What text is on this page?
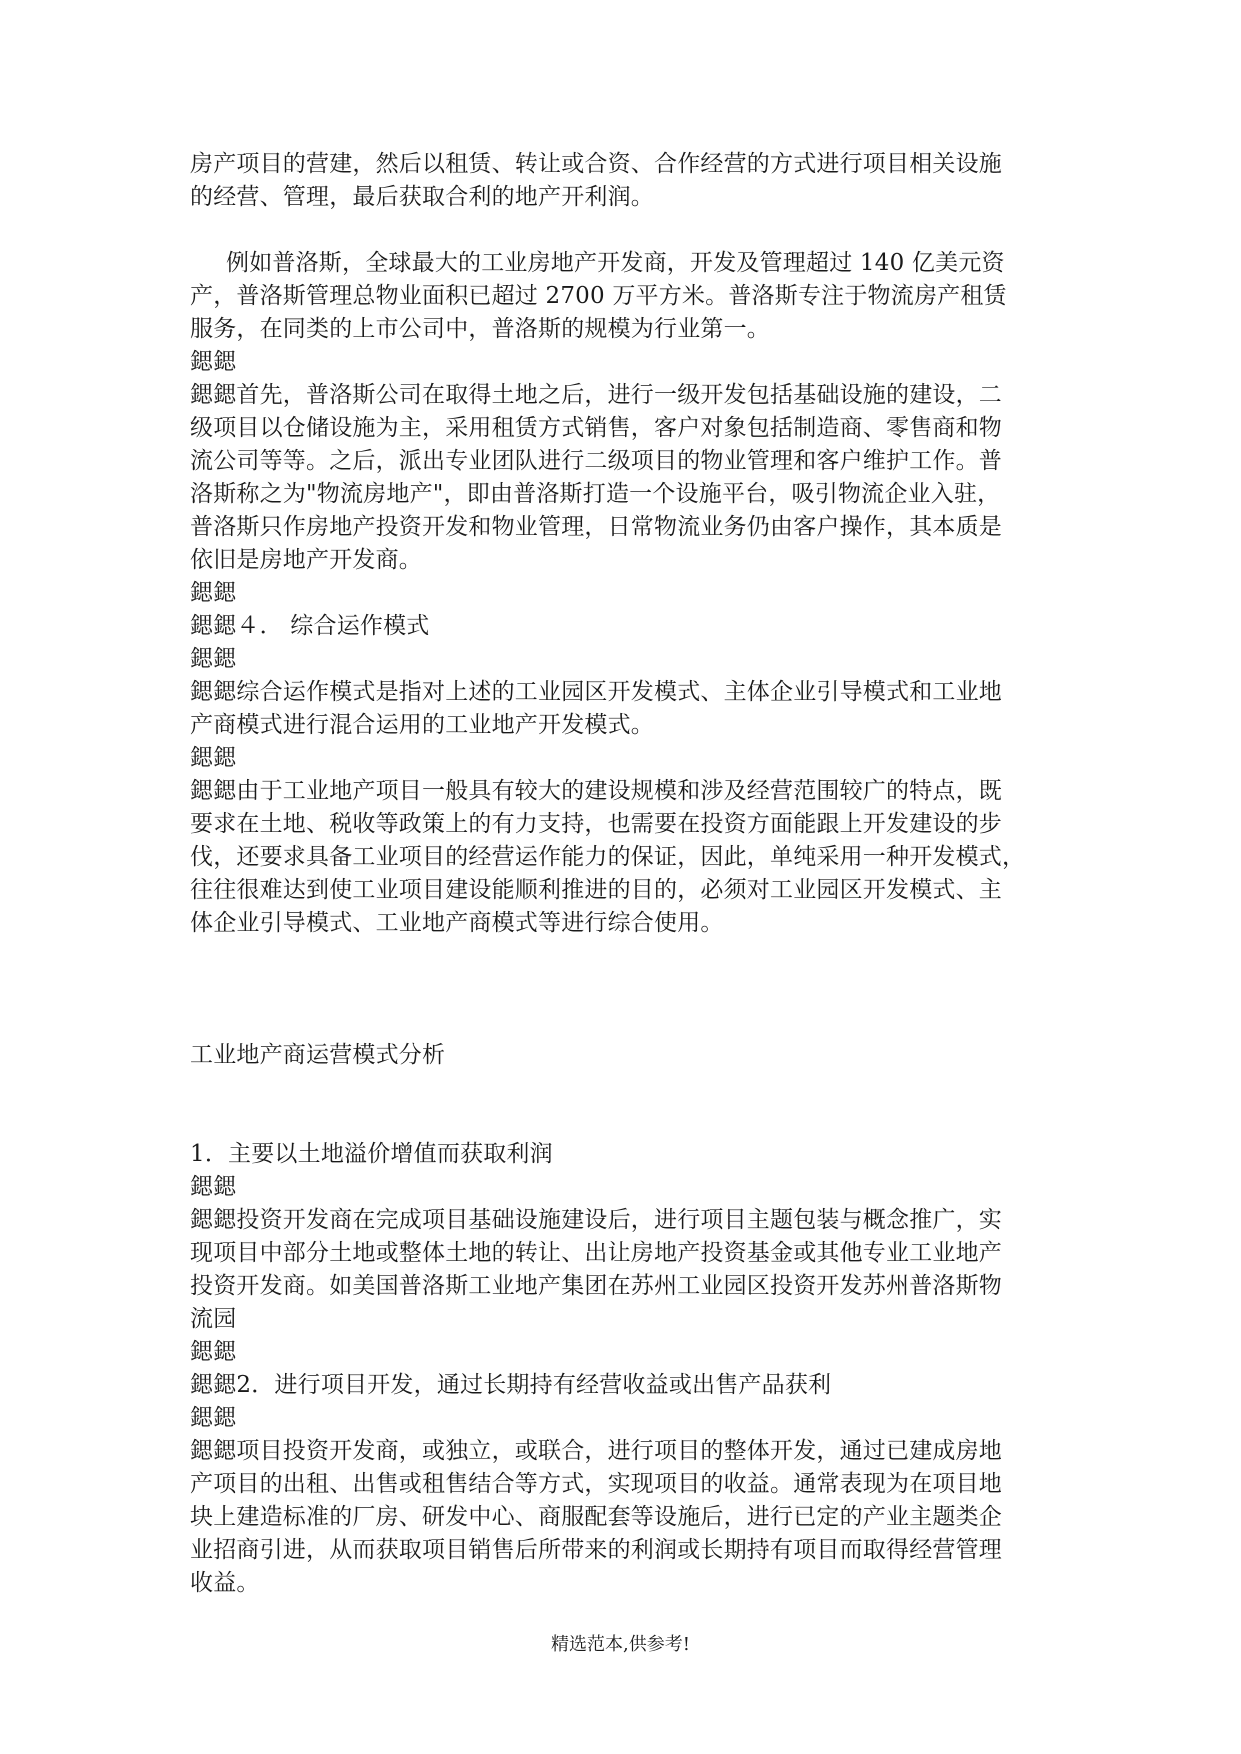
房产项目的营建，然后以租赁、转让或合资、合作经营的方式进行项目相关设施
的经营、管理，最后获取合利的地产开利润。
例如普洛斯，全球最大的工业房地产开发商，开发及管理超过 140 亿美元资
产，普洛斯管理总物业面积已超过 2700 万平方米。普洛斯专注于物流房产租赁
服务，在同类的上市公司中，普洛斯的规模为行业第一。
鍶鍶
鍶鍶首先，普洛斯公司在取得土地之后，进行一级开发包括基础设施的建设，二
级项目以仓储设施为主，采用租赁方式销售，客户对象包括制造商、零售商和物
流公司等等。之后，派出专业团队进行二级项目的物业管理和客户维护工作。普
洛斯称之为"物流房地产"，即由普洛斯打造一个设施平台，吸引物流企业入驻，
普洛斯只作房地产投资开发和物业管理，日常物流业务仍由客户操作，其本质是
依旧是房地产开发商。
鍶鍶
鍶鍶４． 综合运作模式
鍶鍶
鍶鍶综合运作模式是指对上述的工业园区开发模式、主体企业引导模式和工业地
产商模式进行混合运用的工业地产开发模式。
鍶鍶
鍶鍶由于工业地产项目一般具有较大的建设规模和涉及经营范围较广的特点，既
要求在土地、税收等政策上的有力支持，也需要在投资方面能跟上开发建设的步
伐，还要求具备工业项目的经营运作能力的保证，因此，单纯采用一种开发模式，
往往很难达到使工业项目建设能顺利推进的目的，必须对工业园区开发模式、主
体企业引导模式、工业地产商模式等进行综合使用。
工业地产商运营模式分析
1．主要以土地溢价增值而获取利润
鍶鍶
鍶鍶投资开发商在完成项目基础设施建设后，进行项目主题包装与概念推广，实
现项目中部分土地或整体土地的转让、出让房地产投资基金或其他专业工业地产
投资开发商。如美国普洛斯工业地产集团在苏州工业园区投资开发苏州普洛斯物
流园
鍶鍶
鍶鍶2．进行项目开发，通过长期持有经营收益或出售产品获利
鍶鍶
鍶鍶项目投资开发商，或独立，或联合，进行项目的整体开发，通过已建成房地
产项目的出租、出售或租售结合等方式，实现项目的收益。通常表现为在项目地
块上建造标准的厂房、研发中心、商服配套等设施后，进行已定的产业主题类企
业招商引进，从而获取项目销售后所带来的利润或长期持有项目而取得经营管理
收益。
精选范本,供参考!
